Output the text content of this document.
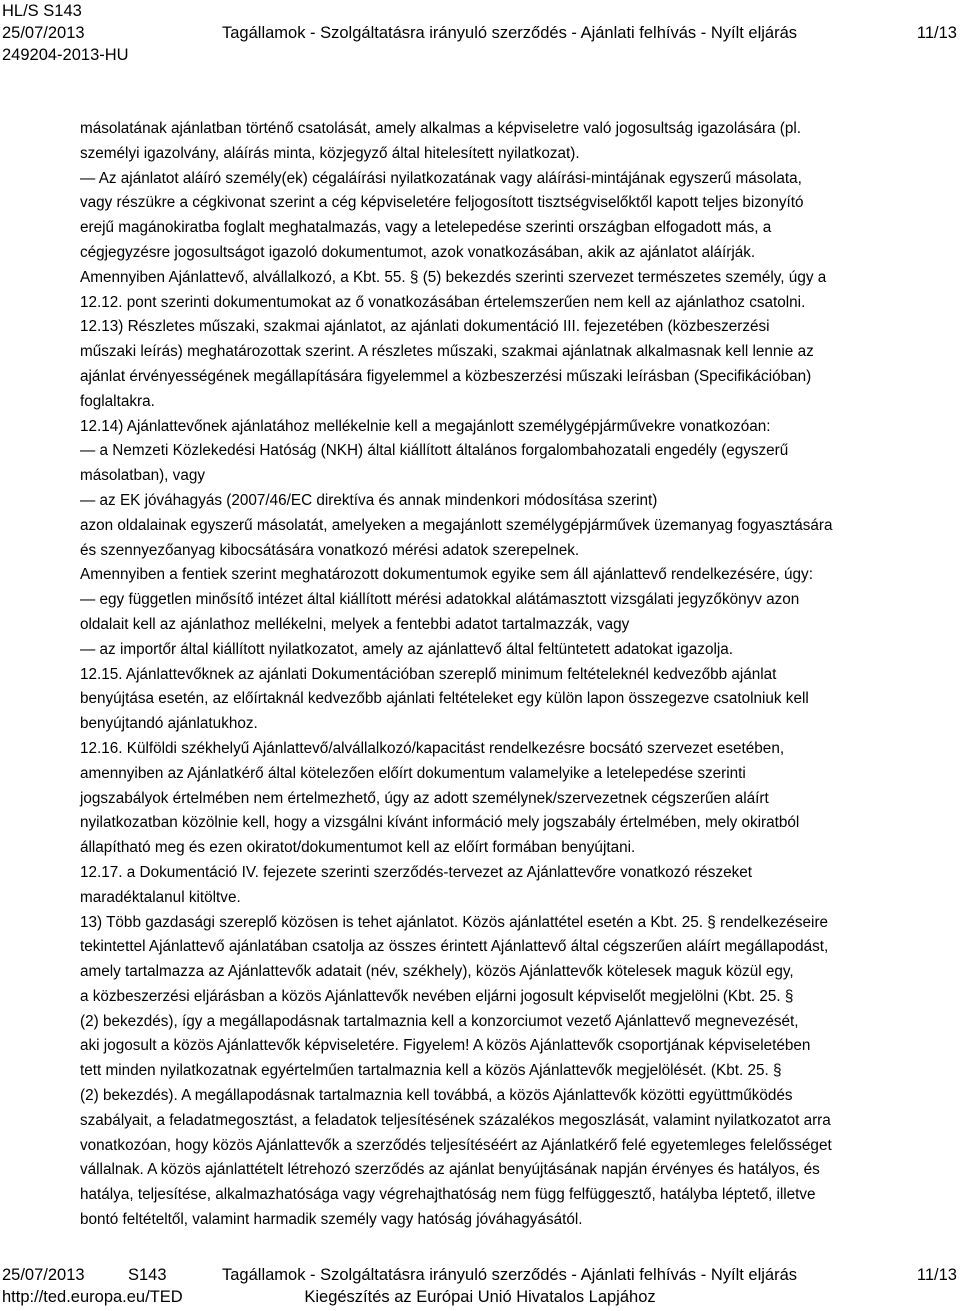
HL/S S143
25/07/2013	Tagállamok - Szolgáltatásra irányuló szerződés - Ajánlati felhívás - Nyílt eljárás	11/13
249204-2013-HU

másolatának ajánlatban történő csatolását, amely alkalmas a képviseletre való jogosultság igazolására (pl.

személyi igazolvány, aláírás minta, közjegyző által hitelesített nyilatkozat).

— Az ajánlatot aláíró személy(ek) cégaláírási nyilatkozatának vagy aláírási-mintájának egyszerű másolata,

vagy részükre a cégkivonat szerint a cég képviseletére feljogosított tisztségviselőktől kapott teljes bizonyító

erejű magánokiratba foglalt meghatalmazás, vagy a letelepedése szerinti országban elfogadott más, a

cégjegyzésre jogosultságot igazoló dokumentumot, azok vonatkozásában, akik az ajánlatot aláírják.

Amennyiben Ajánlattevő, alvállalkozó, a Kbt. 55. § (5) bekezdés szerinti szervezet természetes személy, úgy a

12.12. pont szerinti dokumentumokat az ő vonatkozásában értelemszerűen nem kell az ajánlathoz csatolni.

12.13) Részletes műszaki, szakmai ajánlatot, az ajánlati dokumentáció III. fejezetében (közbeszerzési

műszaki leírás) meghatározottak szerint. A részletes műszaki, szakmai ajánlatnak alkalmasnak kell lennie az

ajánlat érvényességének megállapítására figyelemmel a közbeszerzési műszaki leírásban (Specifikációban)

foglaltakra.

12.14) Ajánlattevőnek ajánlatához mellékelnie kell a megajánlott személygépjárművekre vonatkozóan:

— a Nemzeti Közlekedési Hatóság (NKH) által kiállított általános forgalombahozatali engedély (egyszerű

másolatban), vagy

— az EK jóváhagyás (2007/46/EC direktíva és annak mindenkori módosítása szerint)

azon oldalainak egyszerű másolatát, amelyeken a megajánlott személygépjárművek üzemanyag fogyasztására

és szennyezőanyag kibocsátására vonatkozó mérési adatok szerepelnek.

Amennyiben a fentiek szerint meghatározott dokumentumok egyike sem áll ajánlattevő rendelkezésére, úgy:

— egy független minősítő intézet által kiállított mérési adatokkal alátámasztott vizsgálati jegyzőkönyv azon

oldalait kell az ajánlathoz mellékelni, melyek a fentebbi adatot tartalmazzák, vagy

— az importőr által kiállított nyilatkozatot, amely az ajánlattevő által feltüntetett adatokat igazolja.

12.15. Ajánlattevőknek az ajánlati Dokumentációban szereplő minimum feltételeknél kedvezőbb ajánlat

benyújtása esetén, az előírtaknál kedvezőbb ajánlati feltételeket egy külön lapon összegezve csatolniuk kell

benyújtandó ajánlatukhoz.

12.16. Külföldi székhelyű Ajánlattevő/alvállalkozó/kapacitást rendelkezésre bocsátó szervezet esetében,

amennyiben az Ajánlatkérő által kötelezően előírt dokumentum valamelyike a letelepedése szerinti

jogszabályok értelmében nem értelmezhető, úgy az adott személynek/szervezetnek cégszerűen aláírt

nyilatkozatban közölnie kell, hogy a vizsgálni kívánt információ mely jogszabály értelmében, mely okiratból

állapítható meg és ezen okiratot/dokumentumot kell az előírt formában benyújtani.

12.17. a Dokumentáció IV. fejezete szerinti szerződés-tervezet az Ajánlattevőre vonatkozó részeket

maradéktalanul kitöltve.

13) Több gazdasági szereplő közösen is tehet ajánlatot. Közös ajánlattétel esetén a Kbt. 25. § rendelkezéseire

tekintettel Ajánlattevő ajánlatában csatolja az összes érintett Ajánlattevő által cégszerűen aláírt megállapodást,

amely tartalmazza az Ajánlattevők adatait (név, székhely), közös Ajánlattevők kötelesek maguk közül egy,

a közbeszerzési eljárásban a közös Ajánlattevők nevében eljárni jogosult képviselőt megjelölni (Kbt. 25. §

(2) bekezdés), így a megállapodásnak tartalmaznia kell a konzorciumot vezető Ajánlattevő megnevezését,

aki jogosult a közös Ajánlattevők képviseletére. Figyelem! A közös Ajánlattevők csoportjának képviseletében

tett minden nyilatkozatnak egyértelműen tartalmaznia kell a közös Ajánlattevők megjelölését. (Kbt. 25. §

(2) bekezdés). A megállapodásnak tartalmaznia kell továbbá, a közös Ajánlattevők közötti együttműködés

szabályait, a feladatmegosztást, a feladatok teljesítésének százalékos megoszlását, valamint nyilatkozatot arra

vonatkozóan, hogy közös Ajánlattevők a szerződés teljesítéséért az Ajánlatkérő felé egyetemleges felelősséget

vállalnak. A közös ajánlattételt létrehozó szerződés az ajánlat benyújtásának napján érvényes és hatályos, és

hatálya, teljesítése, alkalmazhatósága vagy végrehajthatóság nem függ felfüggesztő, hatályba léptető, illetve

bontó feltételtől, valamint harmadik személy vagy hatóság jóváhagyásától.

25/07/2013	S143	Tagállamok - Szolgáltatásra irányuló szerződés - Ajánlati felhívás - Nyílt eljárás	11/13
http://ted.europa.eu/TED	Kiegészítés az Európai Unió Hivatalos Lapjához
